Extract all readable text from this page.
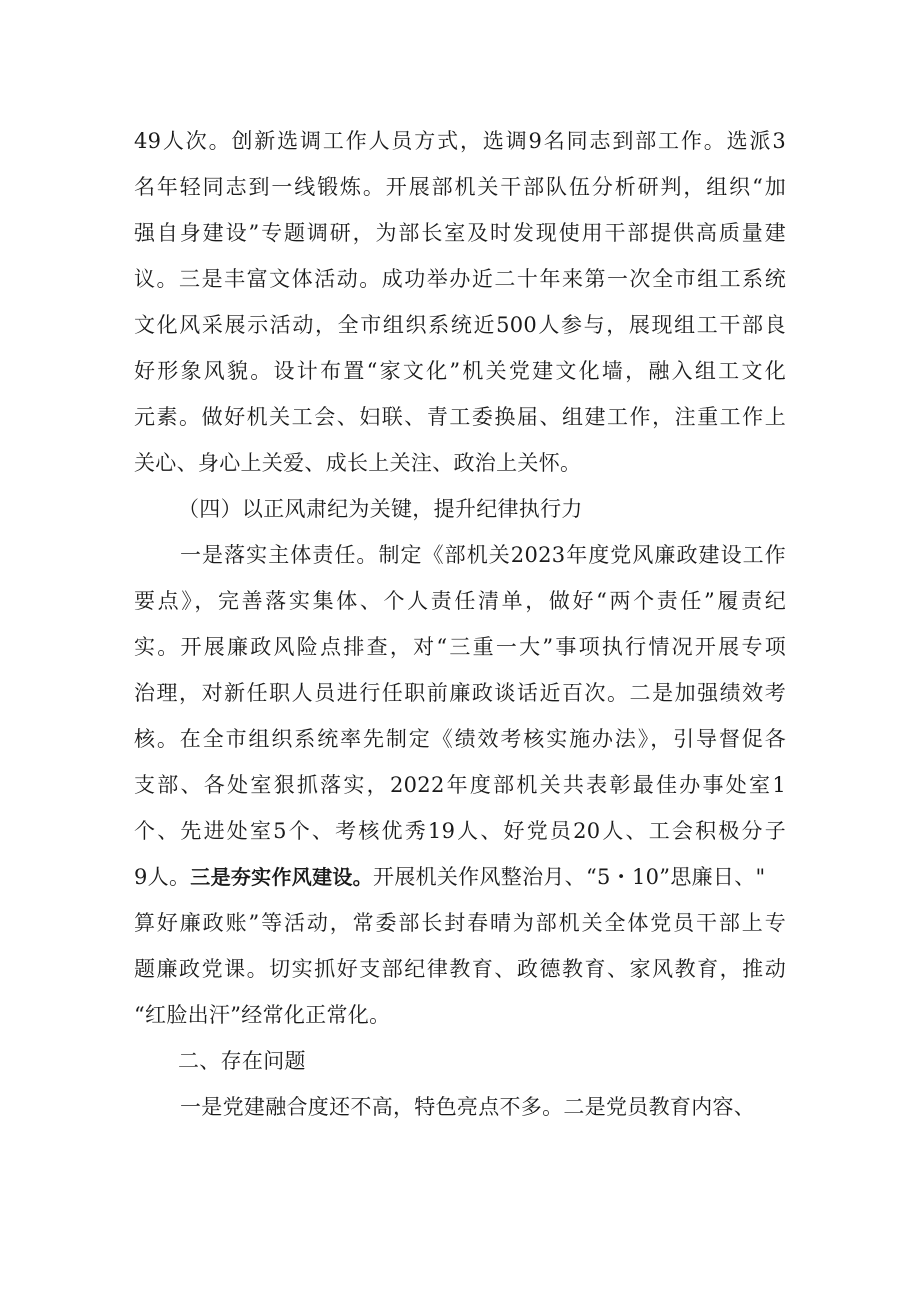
49人次。创新选调工作人员方式，选调9名同志到部工作。选派3
名年轻同志到一线锻炼。开展部机关干部队伍分析研判，组织“加
强自身建设”专题调研，为部长室及时发现使用干部提供高质量建
议。三是丰富文体活动。成功举办近二十年来第一次全市组工系统
文化风采展示活动，全市组织系统近500人参与，展现组工干部良
好形象风貌。设计布置“家文化”机关党建文化墙，融入组工文化
元素。做好机关工会、妇联、青工委换届、组建工作，注重工作上
关心、身心上关爱、成长上关注、政治上关怀。
（四）以正风肃纪为关键，提升纪律执行力
一是落实主体责任。制定《部机关2023年度党风廉政建设工作
要点》，完善落实集体、个人责任清单，做好“两个责任”履责纪
实。开展廉政风险点排查，对“三重一大”事项执行情况开展专项
治理，对新任职人员进行任职前廉政谈话近百次。二是加强绩效考
核。在全市组织系统率先制定《绩效考核实施办法》，引导督促各
支部、各处室狠抓落实，2022年度部机关共表彰最佳办事处室1
个、先进处室5个、考核优秀19人、好党员20人、工会积极分子
9人。三是夯实作风建设。开展机关作风整治月、“5・10”思廉日、"
算好廉政账”等活动，常委部长封春晴为部机关全体党员干部上专
题廉政党课。切实抓好支部纪律教育、政德教育、家风教育，推动
“红脸出汗”经常化正常化。
二、存在问题
一是党建融合度还不高，特色亮点不多。二是党员教育内容、
